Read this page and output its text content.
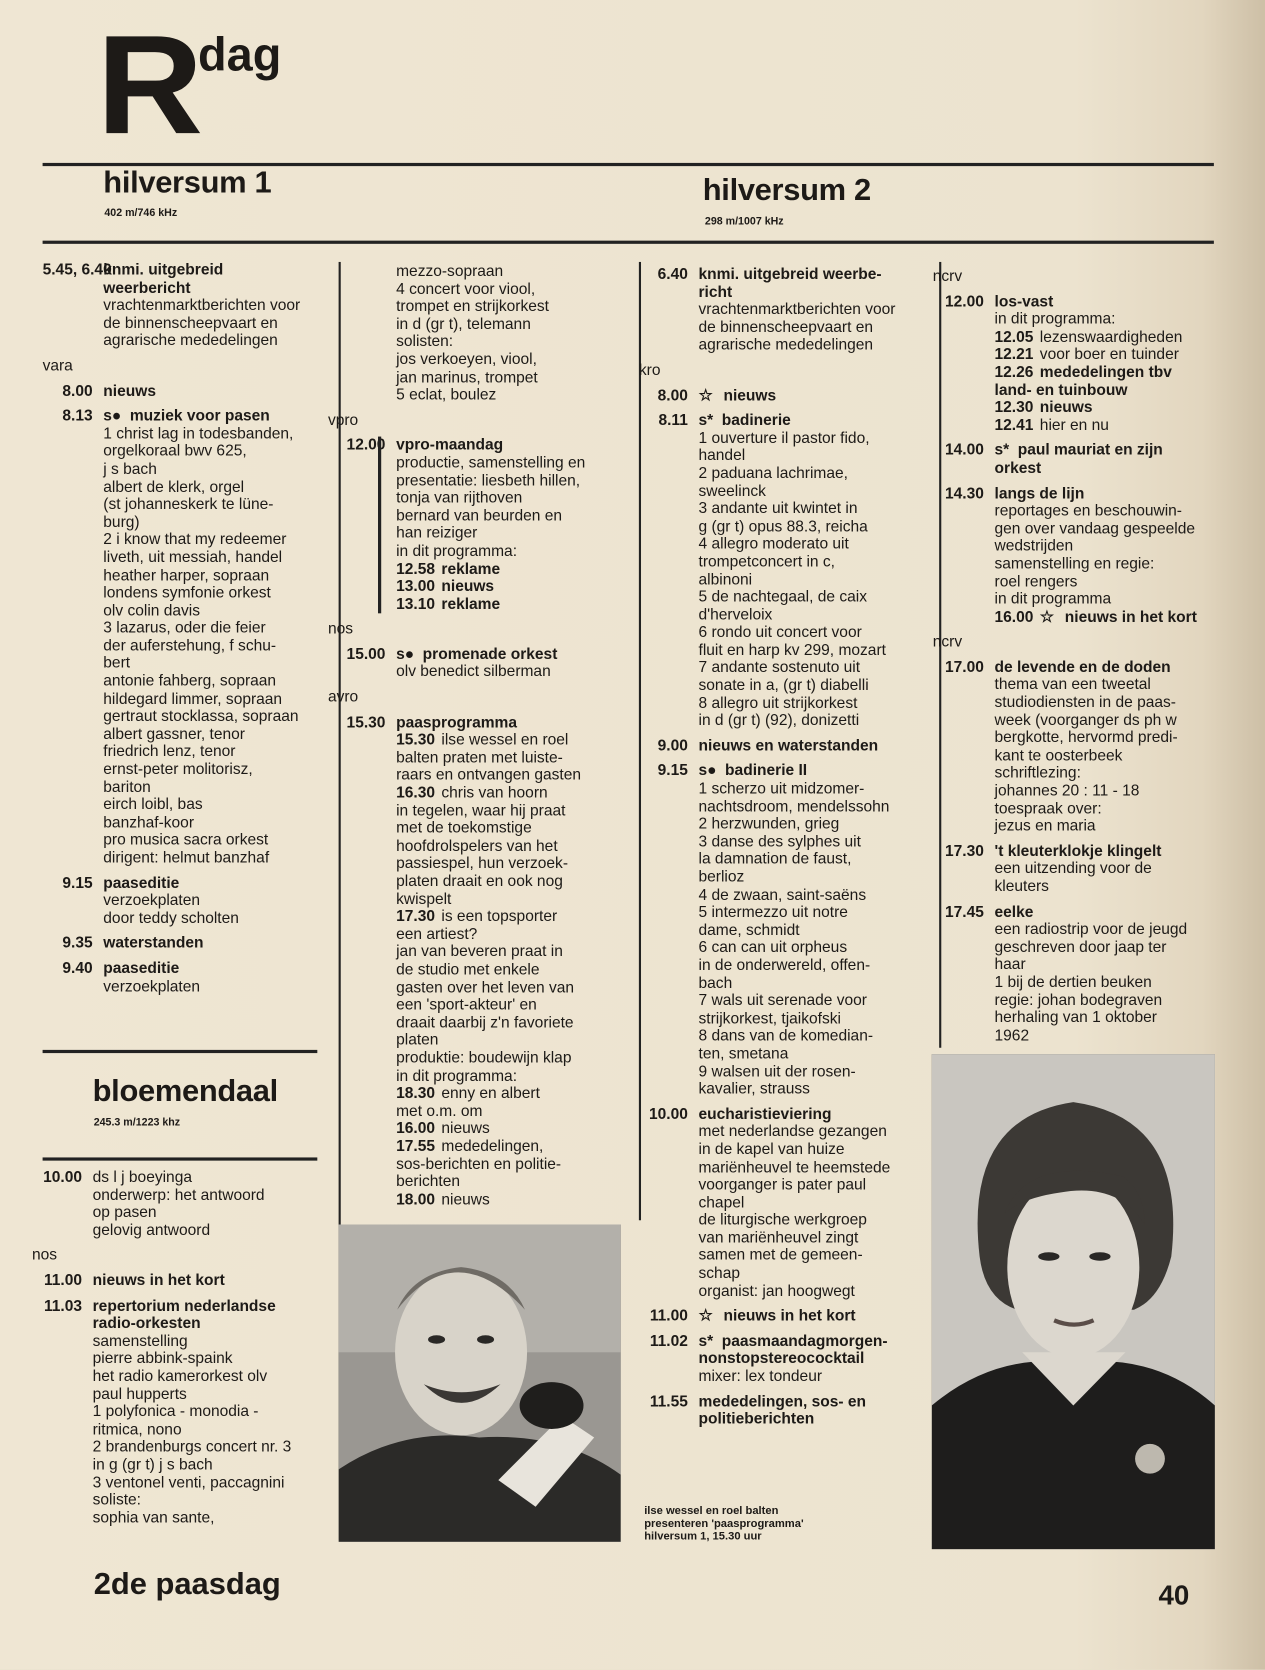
R dag
hilversum 1
402 m/746 kHz
hilversum 2
298 m/1007 kHz
5.45, 6.40
knmi. uitgebreid
weerbericht
vrachtenmarktberichten voor
de binnenscheepvaart en
agrarische mededelingen
vara
8.00 nieuws
8.13 s● muziek voor pasen
1 christ lag in todesbanden,
orgelkoraal bwv 625,
j s bach
albert de klerk, orgel
(st johanneskerk te lüne-
burg)
2 i know that my redeemer
liveth, uit messiah, handel
heather harper, sopraan
londens symfonie orkest
olv colin davis
3 lazarus, oder die feier
der auferstehung, f schu-
bert
antonie fahberg, sopraan
hildegard limmer, sopraan
gertraut stocklassa, sopraan
albert gassner, tenor
friedrich lenz, tenor
ernst-peter molitorisz,
bariton
eirch loibl, bas
banzhaf-koor
pro musica sacra orkest
dirigent: helmut banzhaf
9.15 paaseditie
verzoekplaten
door teddy scholten
9.35 waterstanden
9.40 paaseditie
verzoekplaten
mezzo-sopraan
4 concert voor viool,
trompet en strijkorkest
in d (gr t), telemann
solisten:
jos verkoeyen, viool,
jan marinus, trompet
5 eclat, boulez
vpro
12.00 vpro-maandag
productie, samenstelling en
presentatie: liesbeth hillen,
tonja van rijthoven
bernard van beurden en
han reiziger
in dit programma:
12.58 reklame
13.00 nieuws
13.10 reklame
nos
15.00 s● promenade orkest
olv benedict silberman
avro
15.30 paasprogramma
15.30 ilse wessel en roel
balten praten met luiste-
raars en ontvangen gasten
16.30 chris van hoorn
in tegelen, waar hij praat
met de toekomstige
hoofdrolspelers van het
passiespel, hun verzoek-
platen draait en ook nog
kwispelt
17.30 is een topsporter
een artiest?
jan van beveren praat in
de studio met enkele
gasten over het leven van
een 'sport-akteur' en
draait daarbij z'n favoriete
platen
produktie: boudewijn klap
in dit programma:
18.30 enny en albert
met o.m. om
16.00 nieuws
17.55 mededelingen,
sos-berichten en politie-
berichten
18.00 nieuws
bloemendaal
245.3 m/1223 khz
10.00 ds l j boeyinga
onderwerp: het antwoord
op pasen
gelovig antwoord
nos
11.00 nieuws in het kort
11.03 repertorium nederlandse
radio-orkesten
samenstelling
pierre abbink-spaink
het radio kamerorkest olv
paul hupperts
1 polyfonica - monodia -
ritmica, nono
2 brandenburgs concert nr. 3
in g (gr t) j s bach
3 ventonel venti, paccagnini
soliste:
sophia van sante,
6.40 knmi. uitgebreid weerbe-
richt
vrachtenmarktberichten voor
de binnenscheepvaart en
agrarische mededelingen
kro
8.00 ☆ nieuws
8.11 s* badinerie
1 ouverture il pastor fido,
handel
2 paduana lachrimae,
sweelinck
3 andante uit kwintet in
g (gr t) opus 88.3, reicha
4 allegro moderato uit
trompetconcert in c,
albinoni
5 de nachtegaal, de caix
d'herveloix
6 rondo uit concert voor
fluit en harp kv 299, mozart
7 andante sostenuto uit
sonate in a, (gr t) diabelli
8 allegro uit strijkorkest
in d (gr t) (92), donizetti
9.00 nieuws en waterstanden
9.15 s● badinerie II
1 scherzo uit midzomer-
nachtsdroom, mendelssohn
2 herzwunden, grieg
3 danse des sylphes uit
la damnation de faust,
berlioz
4 de zwaan, saint-saëns
5 intermezzo uit notre
dame, schmidt
6 can can uit orpheus
in de onderwereld, offen-
bach
7 wals uit serenade voor
strijkorkest, tjaikofski
8 dans van de komedian-
ten, smetana
9 walsen uit der rosen-
kavalier, strauss
10.00 eucharistieviering
met nederlandse gezangen
in de kapel van huize
mariënheuvel te heemstede
voorganger is pater paul
chapel
de liturgische werkgroep
van mariënheuvel zingt
samen met de gemeen-
schap
organist: jan hoogwegt
11.00 ☆ nieuws in het kort
11.02 s* paasmaandagmorgen-
nonstopstereococktail
mixer: lex tondeur
11.55 mededelingen, sos- en
politieberichten
ncrv
12.00 los-vast
in dit programma:
12.05 lezenswaardigheden
12.21 voor boer en tuinder
12.26 mededelingen tbv
land- en tuinbouw
12.30 nieuws
12.41 hier en nu
14.00 s* paul mauriat en zijn
orkest
14.30 langs de lijn
reportages en beschouwin-
gen over vandaag gespeelde
wedstrijden
samenstelling en regie:
roel rengers
in dit programma
16.00 ☆ nieuws in het kort
ncrv
17.00 de levende en de doden
thema van een tweetal
studiodiensten in de paas-
week (voorganger ds ph w
bergkotte, hervormd predi-
kant te oosterbeek
schriftlezing:
johannes 20 : 11 - 18
toespraak over:
jezus en maria
17.30 't kleuterklokje klingelt
een uitzending voor de
kleuters
17.45 eelke
een radiostrip voor de jeugd
geschreven door jaap ter
haar
1 bij de dertien beuken
regie: johan bodegraven
herhaling van 1 oktober
1962
ilse wessel en roel balten
presenteren 'paasprogramma'
hilversum 1, 15.30 uur
2de paasdag	40
